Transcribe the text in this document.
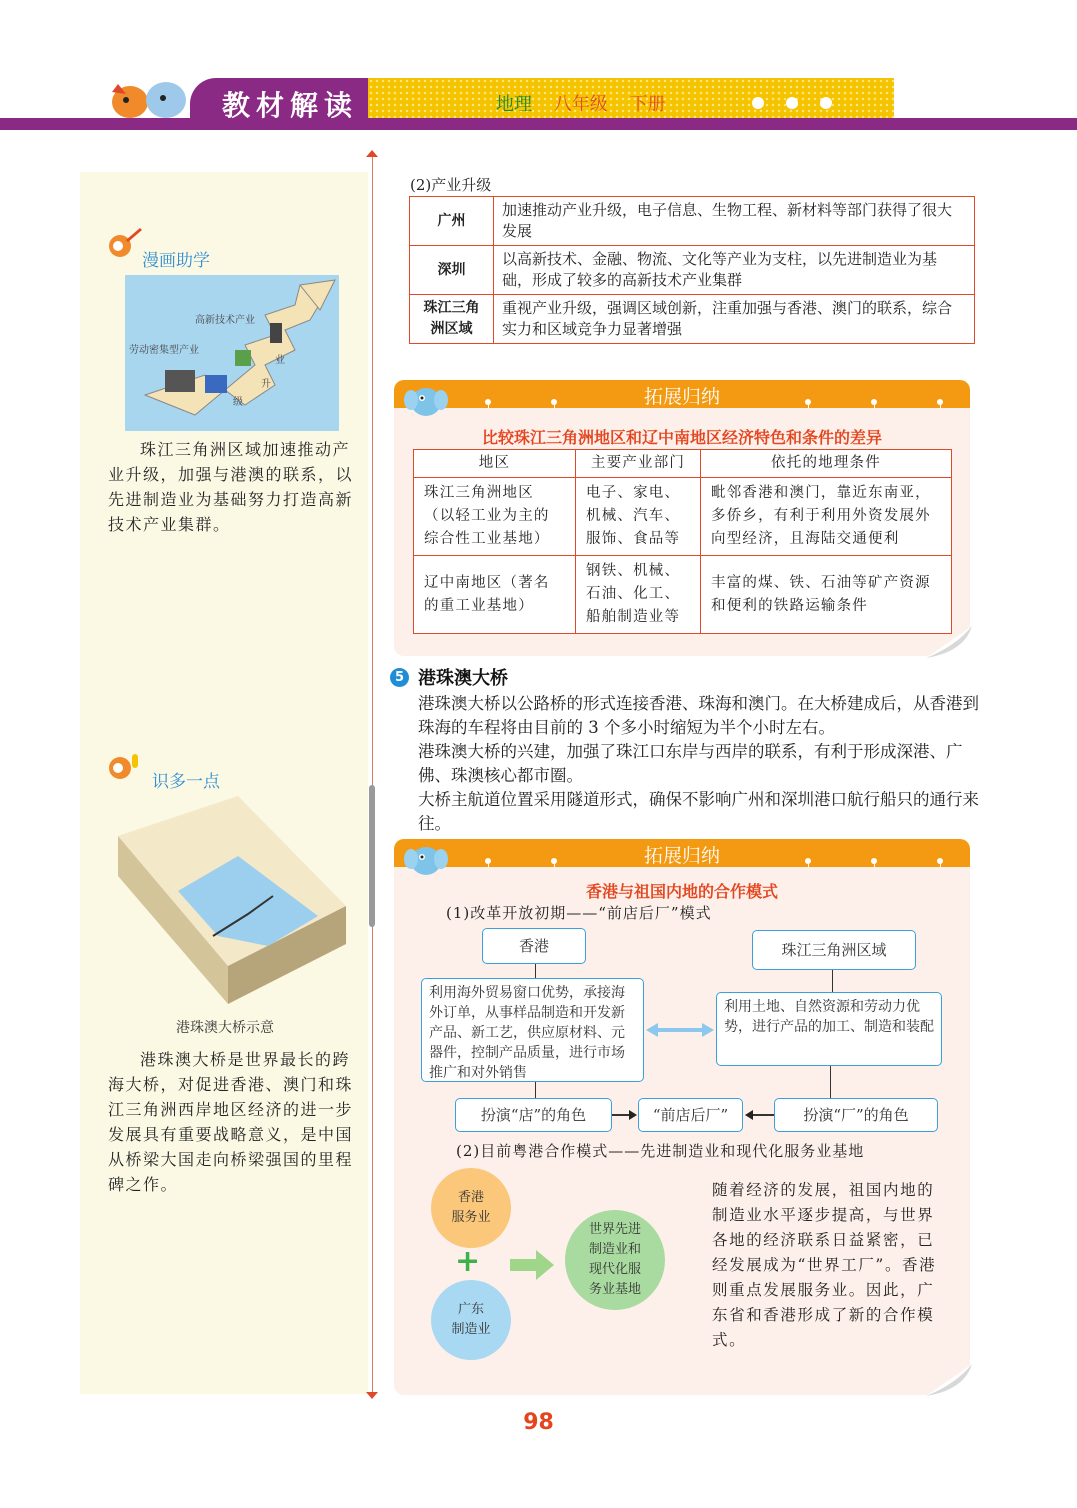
教材解读	地理 八年级 下册
漫画助学
高新技术产业
劳动密集型产业
业
升
级
珠江三角洲区域加速推动产业升级，加强与港澳的联系，以先进制造业为基础努力打造高新技术产业集群。
识多一点
港珠澳大桥示意
港珠澳大桥是世界最长的跨海大桥，对促进香港、澳门和珠江三角洲西岸地区经济的进一步发展具有重要战略意义，是中国从桥梁大国走向桥梁强国的里程碑之作。
(2)产业升级
广州	加速推动产业升级，电子信息、生物工程、新材料等部门获得了很大发展
深圳	以高新技术、金融、物流、文化等产业为支柱，以先进制造业为基础，形成了较多的高新技术产业集群
珠江三角洲区域	重视产业升级，强调区域创新，注重加强与香港、澳门的联系，综合实力和区域竞争力显著增强
拓展归纳
比较珠江三角洲地区和辽中南地区经济特色和条件的差异
地区	主要产业部门	依托的地理条件
珠江三角洲地区（以轻工业为主的综合性工业基地）	电子、家电、机械、汽车、服饰、食品等	毗邻香港和澳门，靠近东南亚，多侨乡，有利于利用外资发展外向型经济，且海陆交通便利
辽中南地区（著名的重工业基地）	钢铁、机械、石油、化工、船舶制造业等	丰富的煤、铁、石油等矿产资源和便利的铁路运输条件
5 港珠澳大桥

港珠澳大桥以公路桥的形式连接香港、珠海和澳门。在大桥建成后，从香港到珠海的车程将由目前的 3 个多小时缩短为半个小时左右。

港珠澳大桥的兴建，加强了珠江口东岸与西岸的联系，有利于形成深港、广佛、珠澳核心都市圈。

大桥主航道位置采用隧道形式，确保不影响广州和深圳港口航行船只的通行来往。

拓展归纳
香港与祖国内地的合作模式
(1)改革开放初期——“前店后厂”模式
香港	珠江三角洲区域
利用海外贸易窗口优势，承接海外订单，从事样品制造和开发新产品、新工艺，供应原材料、元器件，控制产品质量，进行市场推广和对外销售
利用土地、自然资源和劳动力优势，进行产品的加工、制造和装配
扮演“店”的角色	“前店后厂”	扮演“厂”的角色
(2)目前粤港合作模式——先进制造业和现代化服务业基地
香港
服务业
+
广东
制造业
世界先进
制造业和
现代化服
务业基地
随着经济的发展，祖国内地的制造业水平逐步提高，与世界各地的经济联系日益紧密，已经发展成为“世界工厂”。香港则重点发展服务业。因此，广东省和香港形成了新的合作模式。
98
